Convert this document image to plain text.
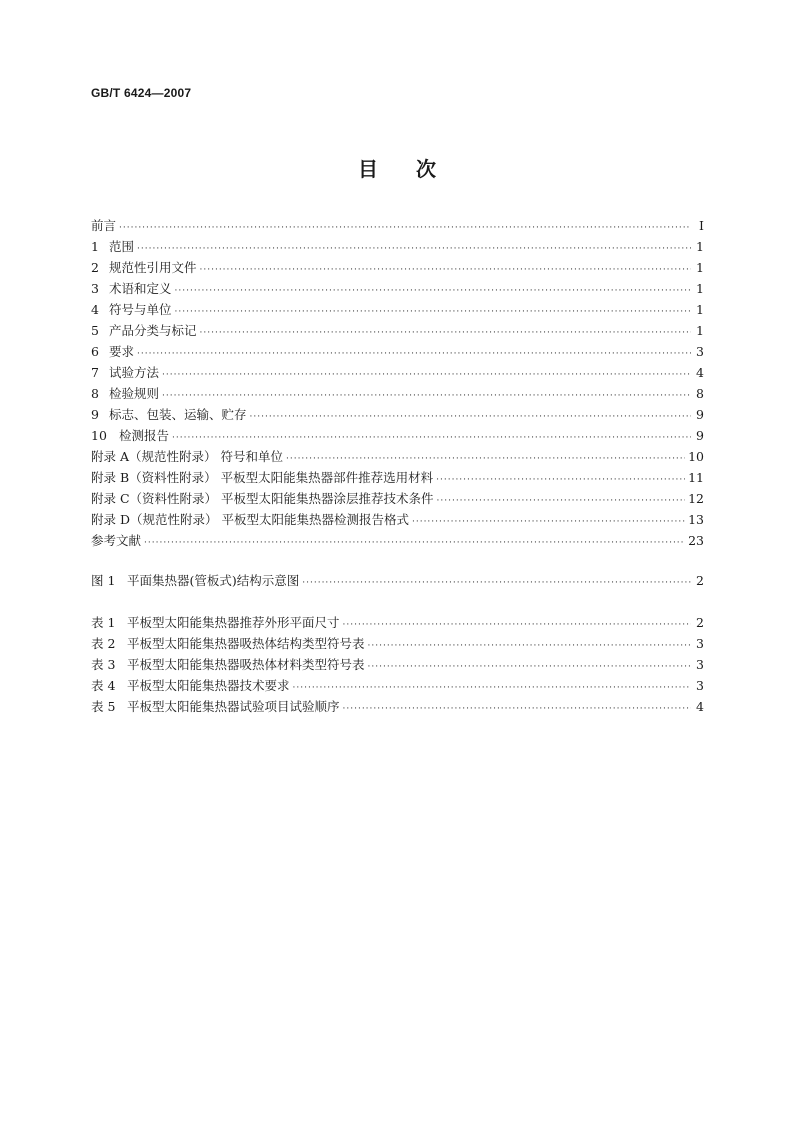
GB/T 6424—2007
目次
前言 ·····	I
1 范围 ·····	1
2 规范性引用文件 ·····	1
3 术语和定义 ·····	1
4 符号与单位 ·····	1
5 产品分类与标记 ·····	1
6 要求 ·····	3
7 试验方法 ·····	4
8 检验规则 ·····	8
9 标志、包装、运输、贮存 ·····	9
10 检测报告 ·····	9
附录 A（规范性附录） 符号和单位 ·····	10
附录 B（资料性附录） 平板型太阳能集热器部件推荐选用材料 ·····	11
附录 C（资料性附录） 平板型太阳能集热器涂层推荐技术条件 ·····	12
附录 D（规范性附录） 平板型太阳能集热器检测报告格式 ·····	13
参考文献 ·····	23
图 1 平面集热器(管板式)结构示意图 ·····	2
表 1 平板型太阳能集热器推荐外形平面尺寸 ·····	2
表 2 平板型太阳能集热器吸热体结构类型符号表 ·····	3
表 3 平板型太阳能集热器吸热体材料类型符号表 ·····	3
表 4 平板型太阳能集热器技术要求 ·····	3
表 5 平板型太阳能集热器试验项目试验顺序 ·····	4
